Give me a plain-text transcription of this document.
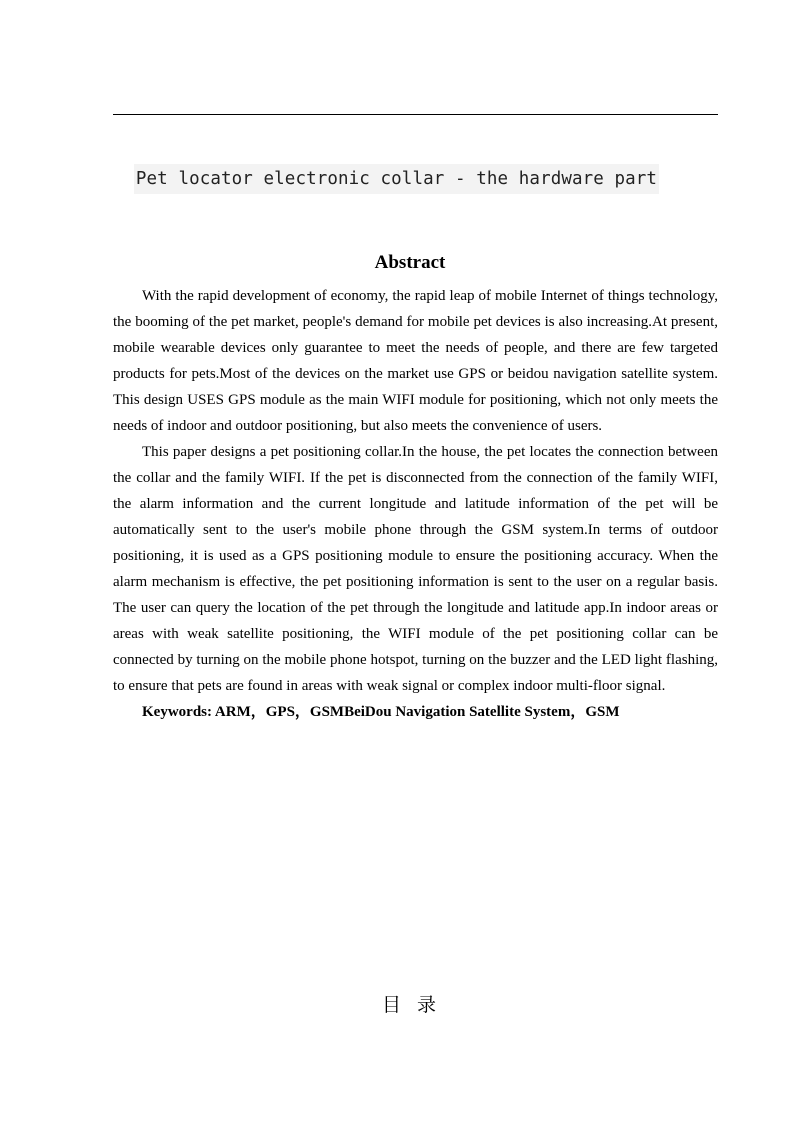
Pet locator electronic collar - the hardware part
Abstract

With the rapid development of economy, the rapid leap of mobile Internet of things technology, the booming of the pet market, people's demand for mobile pet devices is also increasing.At present, mobile wearable devices only guarantee to meet the needs of people, and there are few targeted products for pets.Most of the devices on the market use GPS or beidou navigation satellite system. This design USES GPS module as the main WIFI module for positioning, which not only meets the needs of indoor and outdoor positioning, but also meets the convenience of users.

This paper designs a pet positioning collar.In the house, the pet locates the connection between the collar and the family WIFI. If the pet is disconnected from the connection of the family WIFI, the alarm information and the current longitude and latitude information of the pet will be automatically sent to the user's mobile phone through the GSM system.In terms of outdoor positioning, it is used as a GPS positioning module to ensure the positioning accuracy. When the alarm mechanism is effective, the pet positioning information is sent to the user on a regular basis. The user can query the location of the pet through the longitude and latitude app.In indoor areas or areas with weak satellite positioning, the WIFI module of the pet positioning collar can be connected by turning on the mobile phone hotspot, turning on the buzzer and the LED light flashing, to ensure that pets are found in areas with weak signal or complex indoor multi-floor signal.

Keywords: ARM，GPS，GSMBeiDou Navigation Satellite System，GSM

目录
